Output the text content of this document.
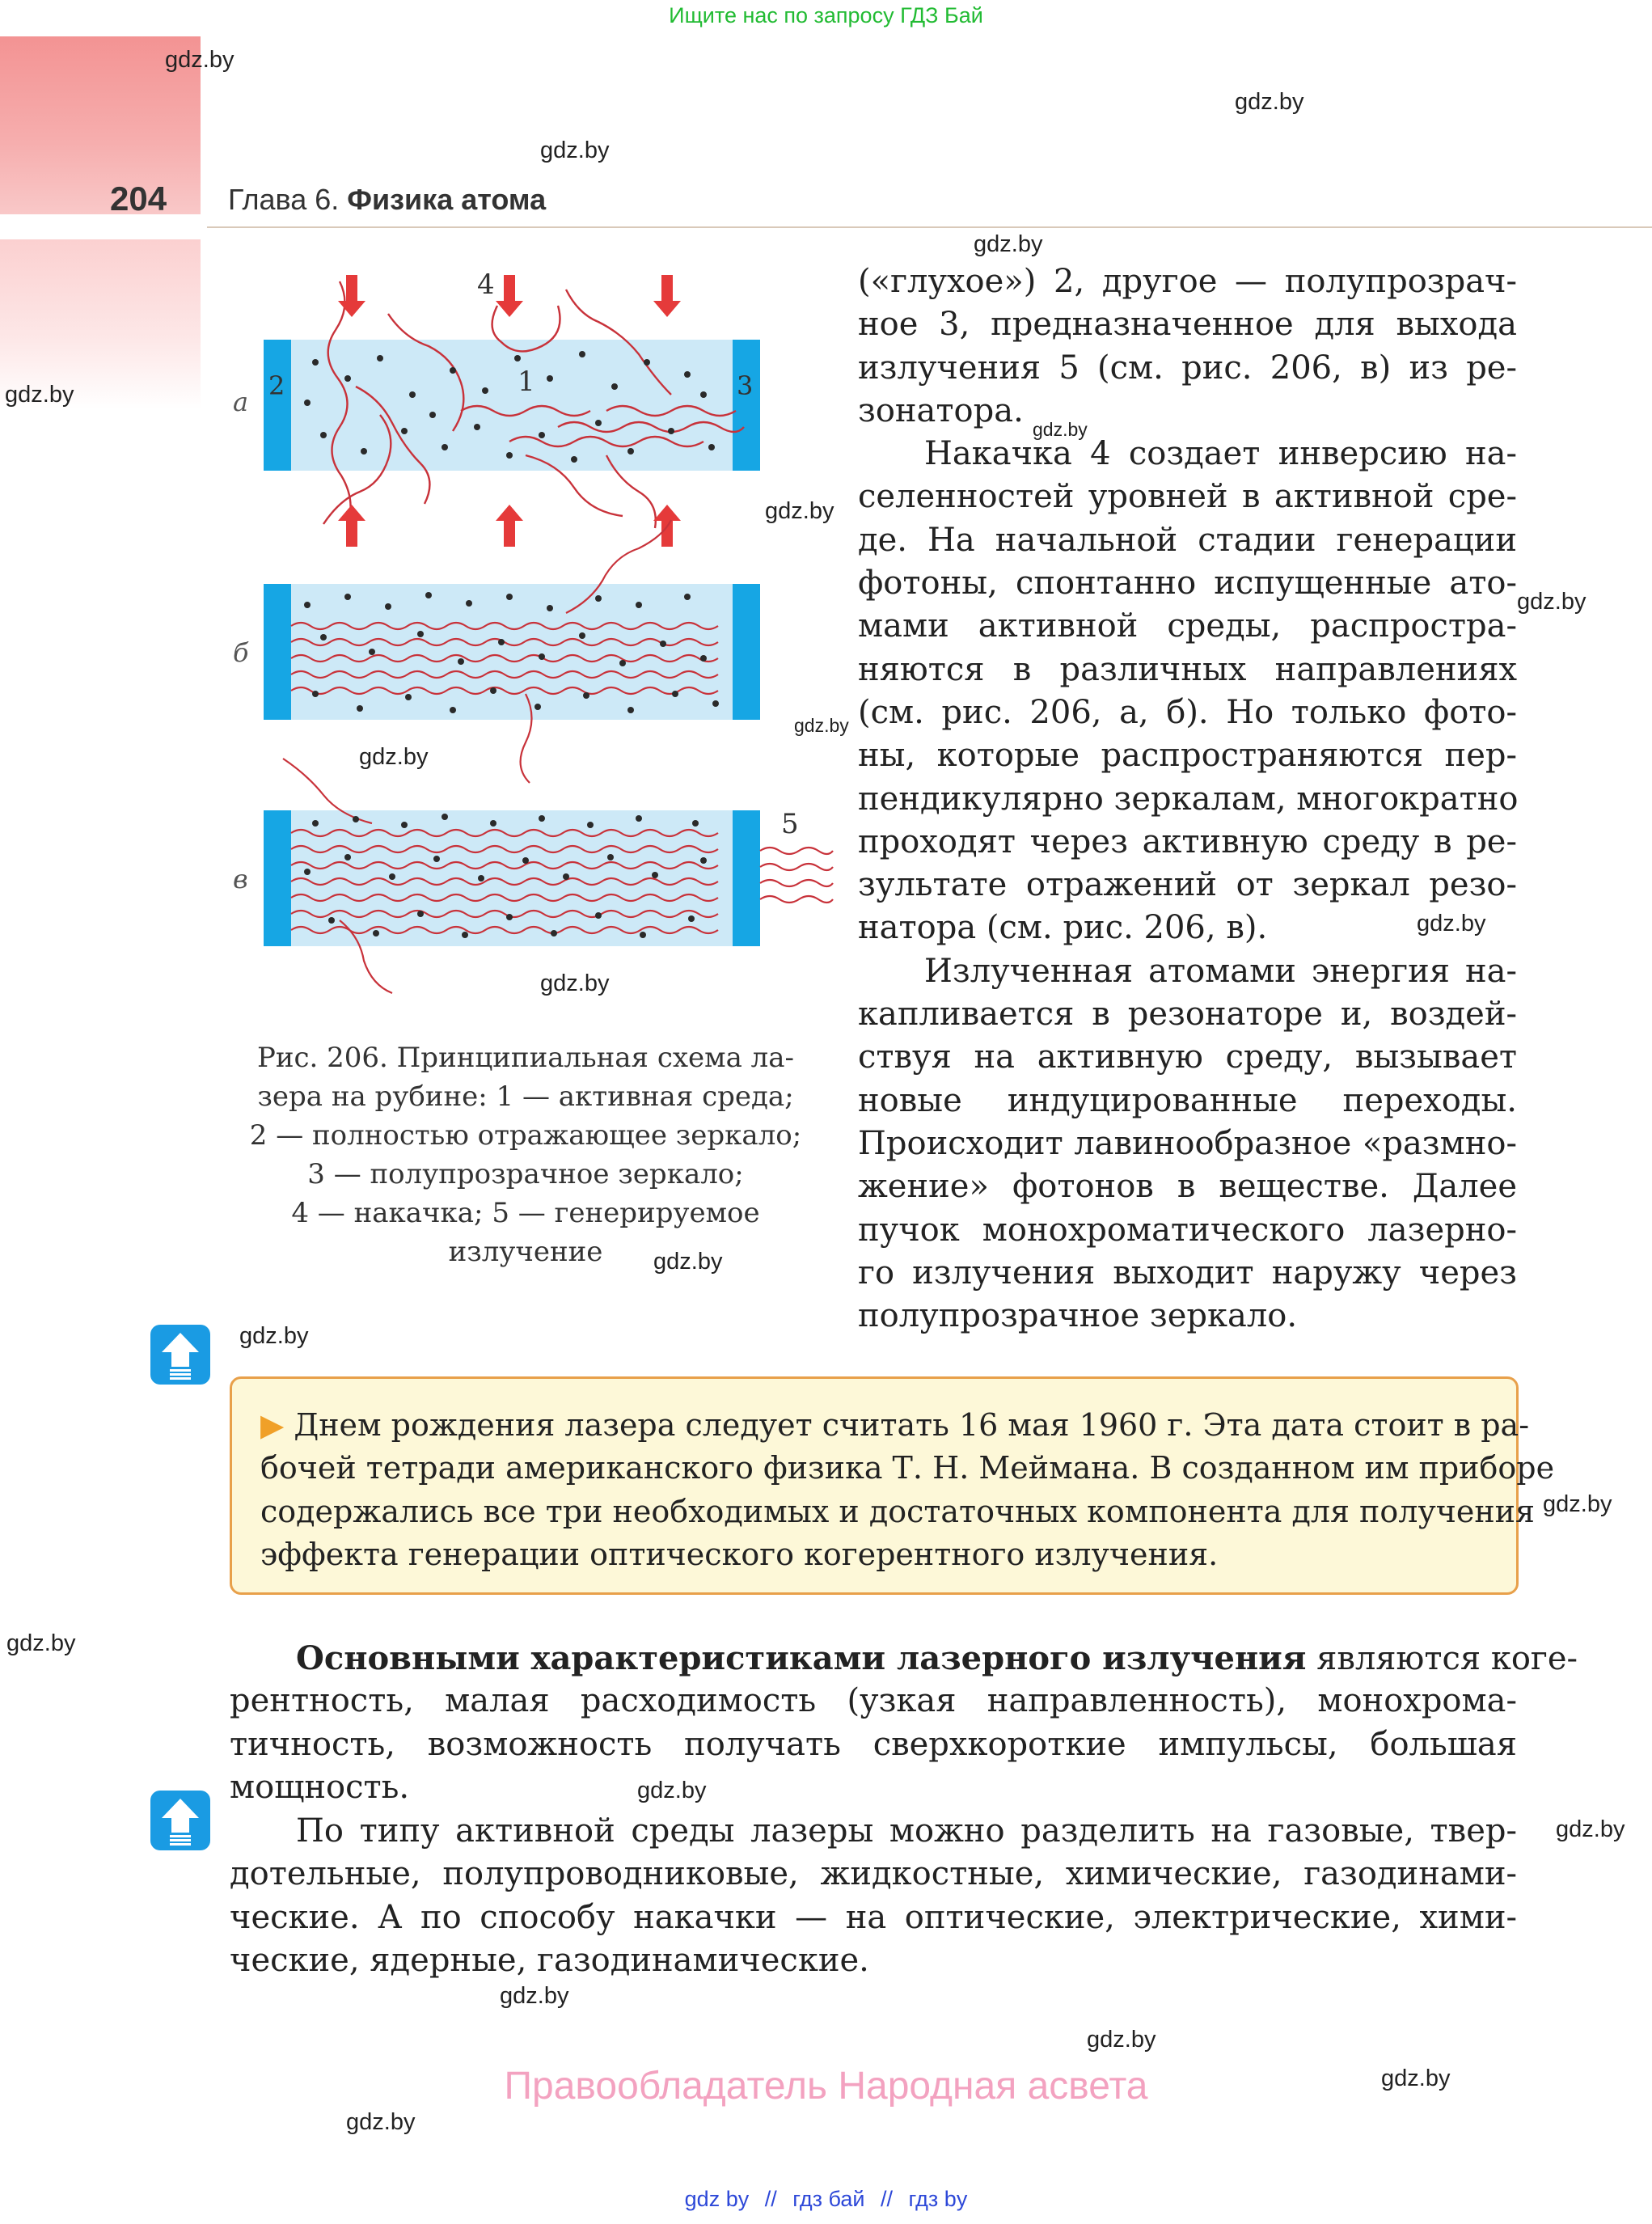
Ищите нас по запросу ГДЗ Бай
204 Глава 6. Физика атома
gdz.by
gdz.by
gdz.by
gdz.by
gdz.by
gdz.by
gdz.by
gdz.by
gdz.by
gdz.by
gdz.by
gdz.by
gdz.by
gdz.by
gdz.by
gdz.by
gdz.by
gdz.by
gdz.by
gdz.by
gdz.by
gdz.by
а
2	1	3
4
б
в
5
Рис. 206. Принципиальная схема ла-
зера на рубине: 1 — активная среда;
2 — полностью отражающее зеркало;
3 — полупрозрачное зеркало;
4 — накачка; 5 — генерируемое
излучение
(«глухое») 2, другое — полупрозрач-
ное 3, предназначенное для выхода
излучения 5 (см. рис. 206, в) из ре-
зонатора.
Накачка 4 создает инверсию на-
селенностей уровней в активной сре-
де. На начальной стадии генерации
фотоны, спонтанно испущенные ато-
мами активной среды, распростра-
няются в различных направлениях
(см. рис. 206, а, б). Но только фото-
ны, которые распространяются пер-
пендикулярно зеркалам, многократно
проходят через активную среду в ре-
зультате отражений от зеркал резо-
натора (см. рис. 206, в).
Излученная атомами энергия на-
капливается в резонаторе и, воздей-
ствуя на активную среду, вызывает
новые индуцированные переходы.
Происходит лавинообразное «размно-
жение» фотонов в веществе. Далее
пучок монохроматического лазерно-
го излучения выходит наружу через
полупрозрачное зеркало.
▶ Днем рождения лазера следует считать 16 мая 1960 г. Эта дата стоит в ра-
бочей тетради американского физика Т. Н. Меймана. В созданном им приборе
содержались все три необходимых и достаточных компонента для получения
эффекта генерации оптического когерентного излучения.
Основными характеристиками лазерного излучения являются коге-
рентность, малая расходимость (узкая направленность), монохрома-
тичность, возможность получать сверхкороткие импульсы, большая
мощность.
По типу активной среды лазеры можно разделить на газовые, твер-
дотельные, полупроводниковые, жидкостные, химические, газодинами-
ческие. А по способу накачки — на оптические, электрические, хими-
ческие, ядерные, газодинамические.
Правообладатель Народная асвета
gdz by // гдз бай // гдз by
